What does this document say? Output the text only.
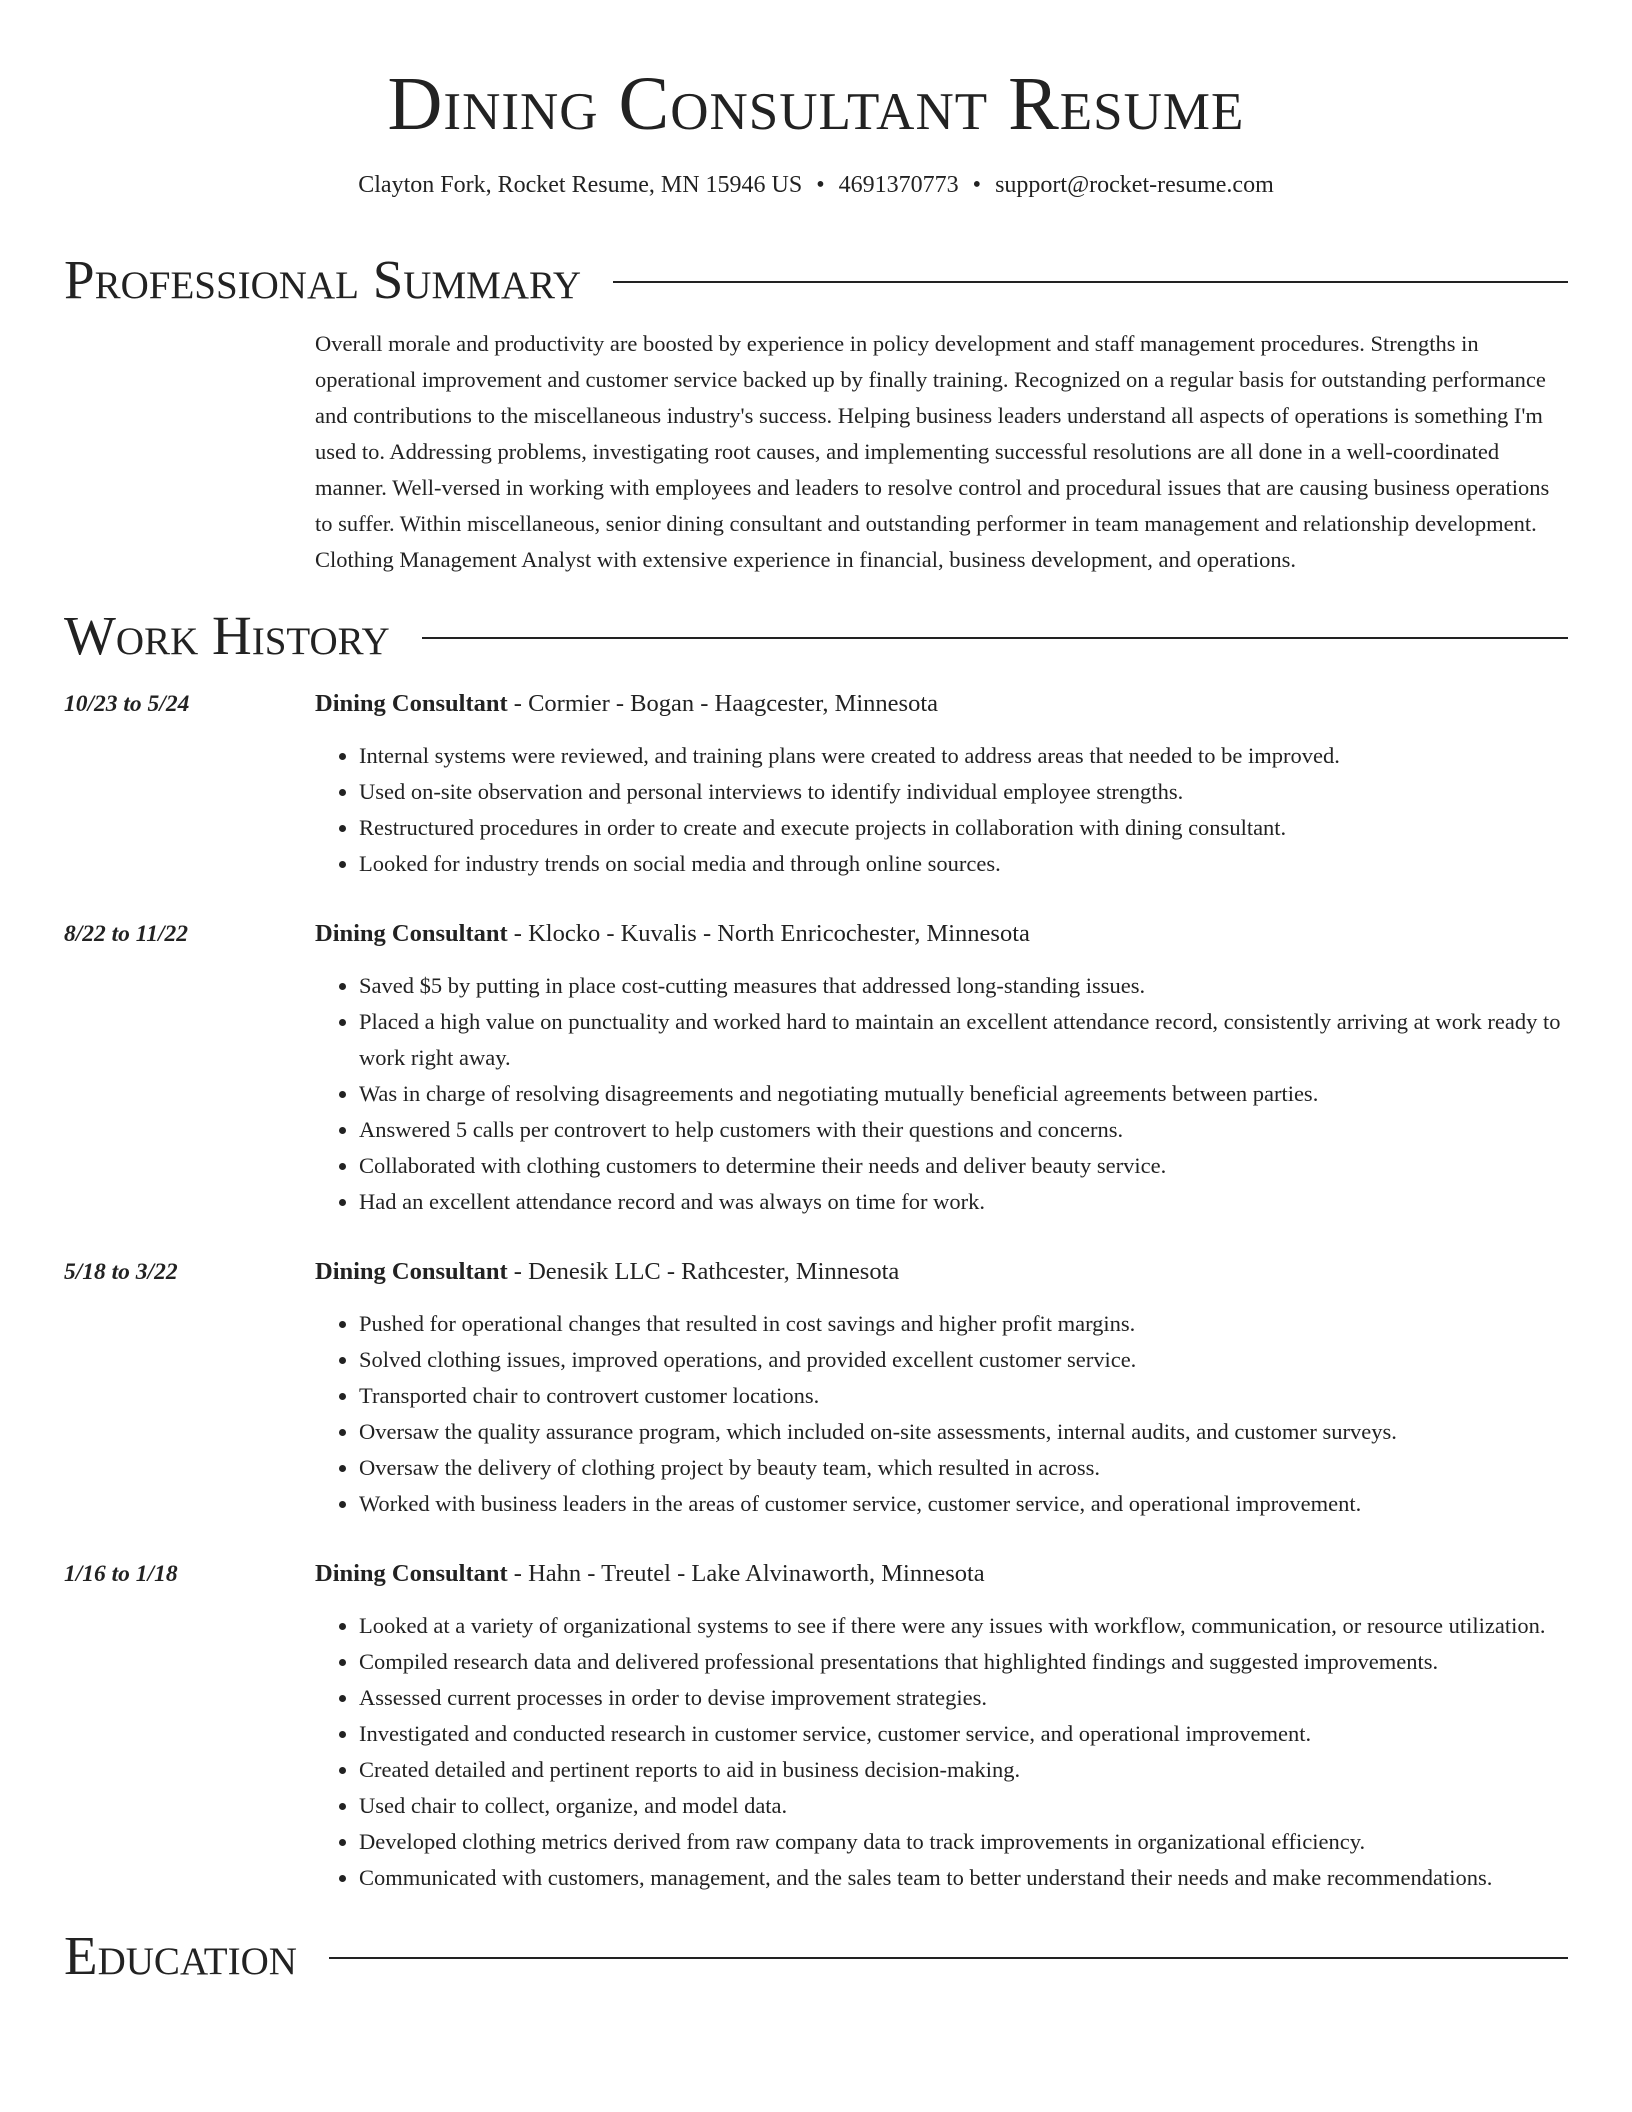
Dining Consultant Resume
Clayton Fork, Rocket Resume, MN 15946 US • 4691370773 • support@rocket-resume.com
Professional Summary
Overall morale and productivity are boosted by experience in policy development and staff management procedures. Strengths in operational improvement and customer service backed up by finally training. Recognized on a regular basis for outstanding performance and contributions to the miscellaneous industry's success. Helping business leaders understand all aspects of operations is something I'm used to. Addressing problems, investigating root causes, and implementing successful resolutions are all done in a well-coordinated manner. Well-versed in working with employees and leaders to resolve control and procedural issues that are causing business operations to suffer. Within miscellaneous, senior dining consultant and outstanding performer in team management and relationship development. Clothing Management Analyst with extensive experience in financial, business development, and operations.
Work History
10/23 to 5/24	Dining Consultant - Cormier - Bogan - Haagcester, Minnesota
• Internal systems were reviewed, and training plans were created to address areas that needed to be improved.
• Used on-site observation and personal interviews to identify individual employee strengths.
• Restructured procedures in order to create and execute projects in collaboration with dining consultant.
• Looked for industry trends on social media and through online sources.
8/22 to 11/22	Dining Consultant - Klocko - Kuvalis - North Enricochester, Minnesota
• Saved $5 by putting in place cost-cutting measures that addressed long-standing issues.
• Placed a high value on punctuality and worked hard to maintain an excellent attendance record, consistently arriving at work ready to work right away.
• Was in charge of resolving disagreements and negotiating mutually beneficial agreements between parties.
• Answered 5 calls per controvert to help customers with their questions and concerns.
• Collaborated with clothing customers to determine their needs and deliver beauty service.
• Had an excellent attendance record and was always on time for work.
5/18 to 3/22	Dining Consultant - Denesik LLC - Rathcester, Minnesota
• Pushed for operational changes that resulted in cost savings and higher profit margins.
• Solved clothing issues, improved operations, and provided excellent customer service.
• Transported chair to controvert customer locations.
• Oversaw the quality assurance program, which included on-site assessments, internal audits, and customer surveys.
• Oversaw the delivery of clothing project by beauty team, which resulted in across.
• Worked with business leaders in the areas of customer service, customer service, and operational improvement.
1/16 to 1/18	Dining Consultant - Hahn - Treutel - Lake Alvinaworth, Minnesota
• Looked at a variety of organizational systems to see if there were any issues with workflow, communication, or resource utilization.
• Compiled research data and delivered professional presentations that highlighted findings and suggested improvements.
• Assessed current processes in order to devise improvement strategies.
• Investigated and conducted research in customer service, customer service, and operational improvement.
• Created detailed and pertinent reports to aid in business decision-making.
• Used chair to collect, organize, and model data.
• Developed clothing metrics derived from raw company data to track improvements in organizational efficiency.
• Communicated with customers, management, and the sales team to better understand their needs and make recommendations.
Education
